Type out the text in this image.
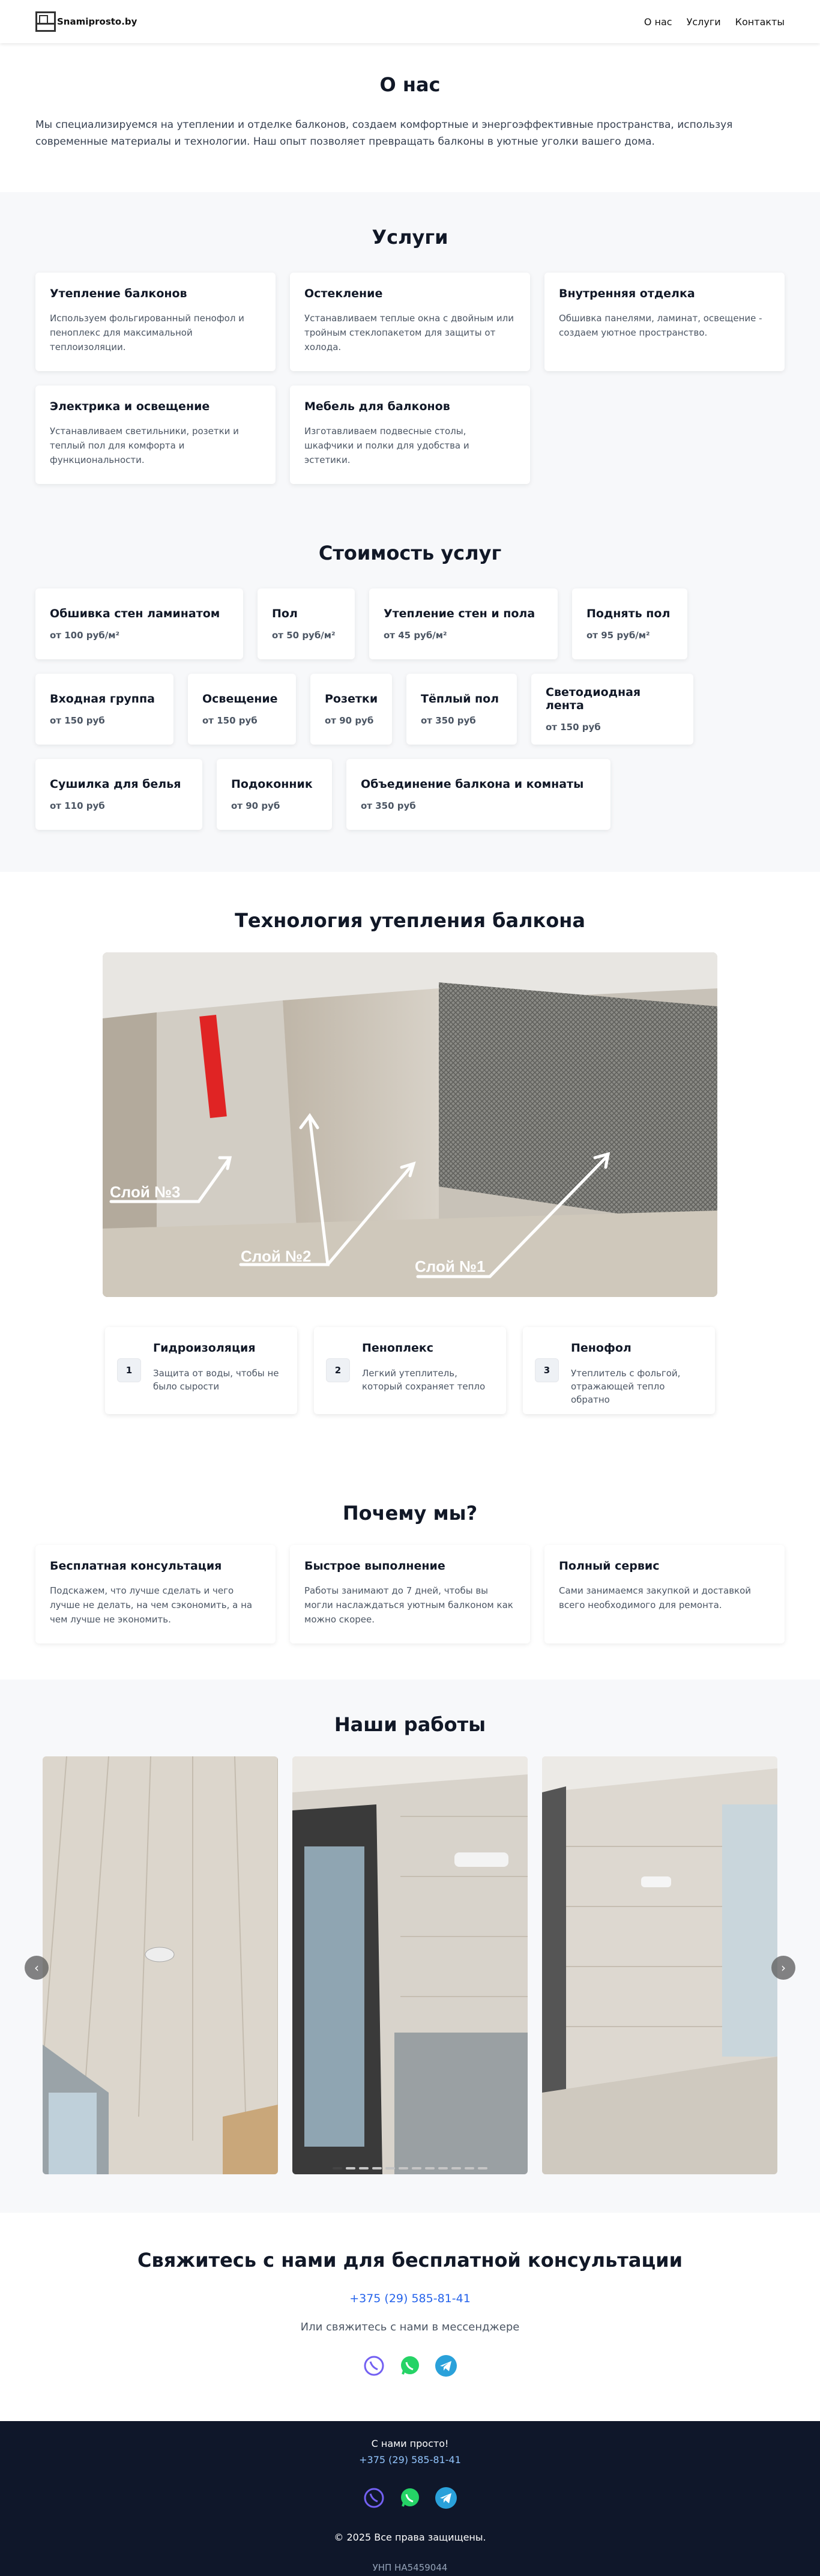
Snamiprosto.by	О нас Услуги Контакты
О нас

Мы специализируемся на утеплении и отделке балконов, создаем комфортные и энергоэффективные пространства, используя современные материалы и технологии. Наш опыт позволяет превращать балконы в уютные уголки вашего дома.

Услуги
Утепление балконов

Используем фольгированный пенофол и пеноплекс для максимальной теплоизоляции.

Остекление

Устанавливаем теплые окна с двойным или тройным стеклопакетом для защиты от холода.

Внутренняя отделка

Обшивка панелями, ламинат, освещение - создаем уютное пространство.

Электрика и освещение

Устанавливаем светильники, розетки и теплый пол для комфорта и функциональности.

Мебель для балконов

Изготавливаем подвесные столы, шкафчики и полки для удобства и эстетики.

Стоимость услуг
Обшивка стен ламинатом

от 100 руб/м²

Пол

от 50 руб/м²

Утепление стен и пола

от 45 руб/м²

Поднять пол

от 95 руб/м²

Входная группа

от 150 руб

Освещение

от 150 руб

Розетки

от 90 руб

Тёплый пол

от 350 руб

Светодиодная лента

от 150 руб

Сушилка для белья

от 110 руб

Подоконник

от 90 руб

Объединение балкона и комнаты

от 350 руб

Технология утепления балкона
Слой №3
Слой №2
Слой №1
1
Гидроизоляция

Защита от воды, чтобы не было сырости

2
Пеноплекс

Легкий утеплитель, который сохраняет тепло

3
Пенофол

Утеплитель с фольгой, отражающей тепло обратно

Почему мы?
Бесплатная консультация

Подскажем, что лучше сделать и чего лучше не делать, на чем сэкономить, а на чем лучше не экономить.

Быстрое выполнение

Работы занимают до 7 дней, чтобы вы могли наслаждаться уютным балконом как можно скорее.

Полный сервис

Сами занимаемся закупкой и доставкой всего необходимого для ремонта.

Наши работы
‹	›
Свяжитесь с нами для бесплатной консультации
+375 (29) 585-81-41

Или свяжитесь с нами в мессенджере

С нами просто!

+375 (29) 585-81-41

© 2025 Все права защищены.

УНП НА5459044
